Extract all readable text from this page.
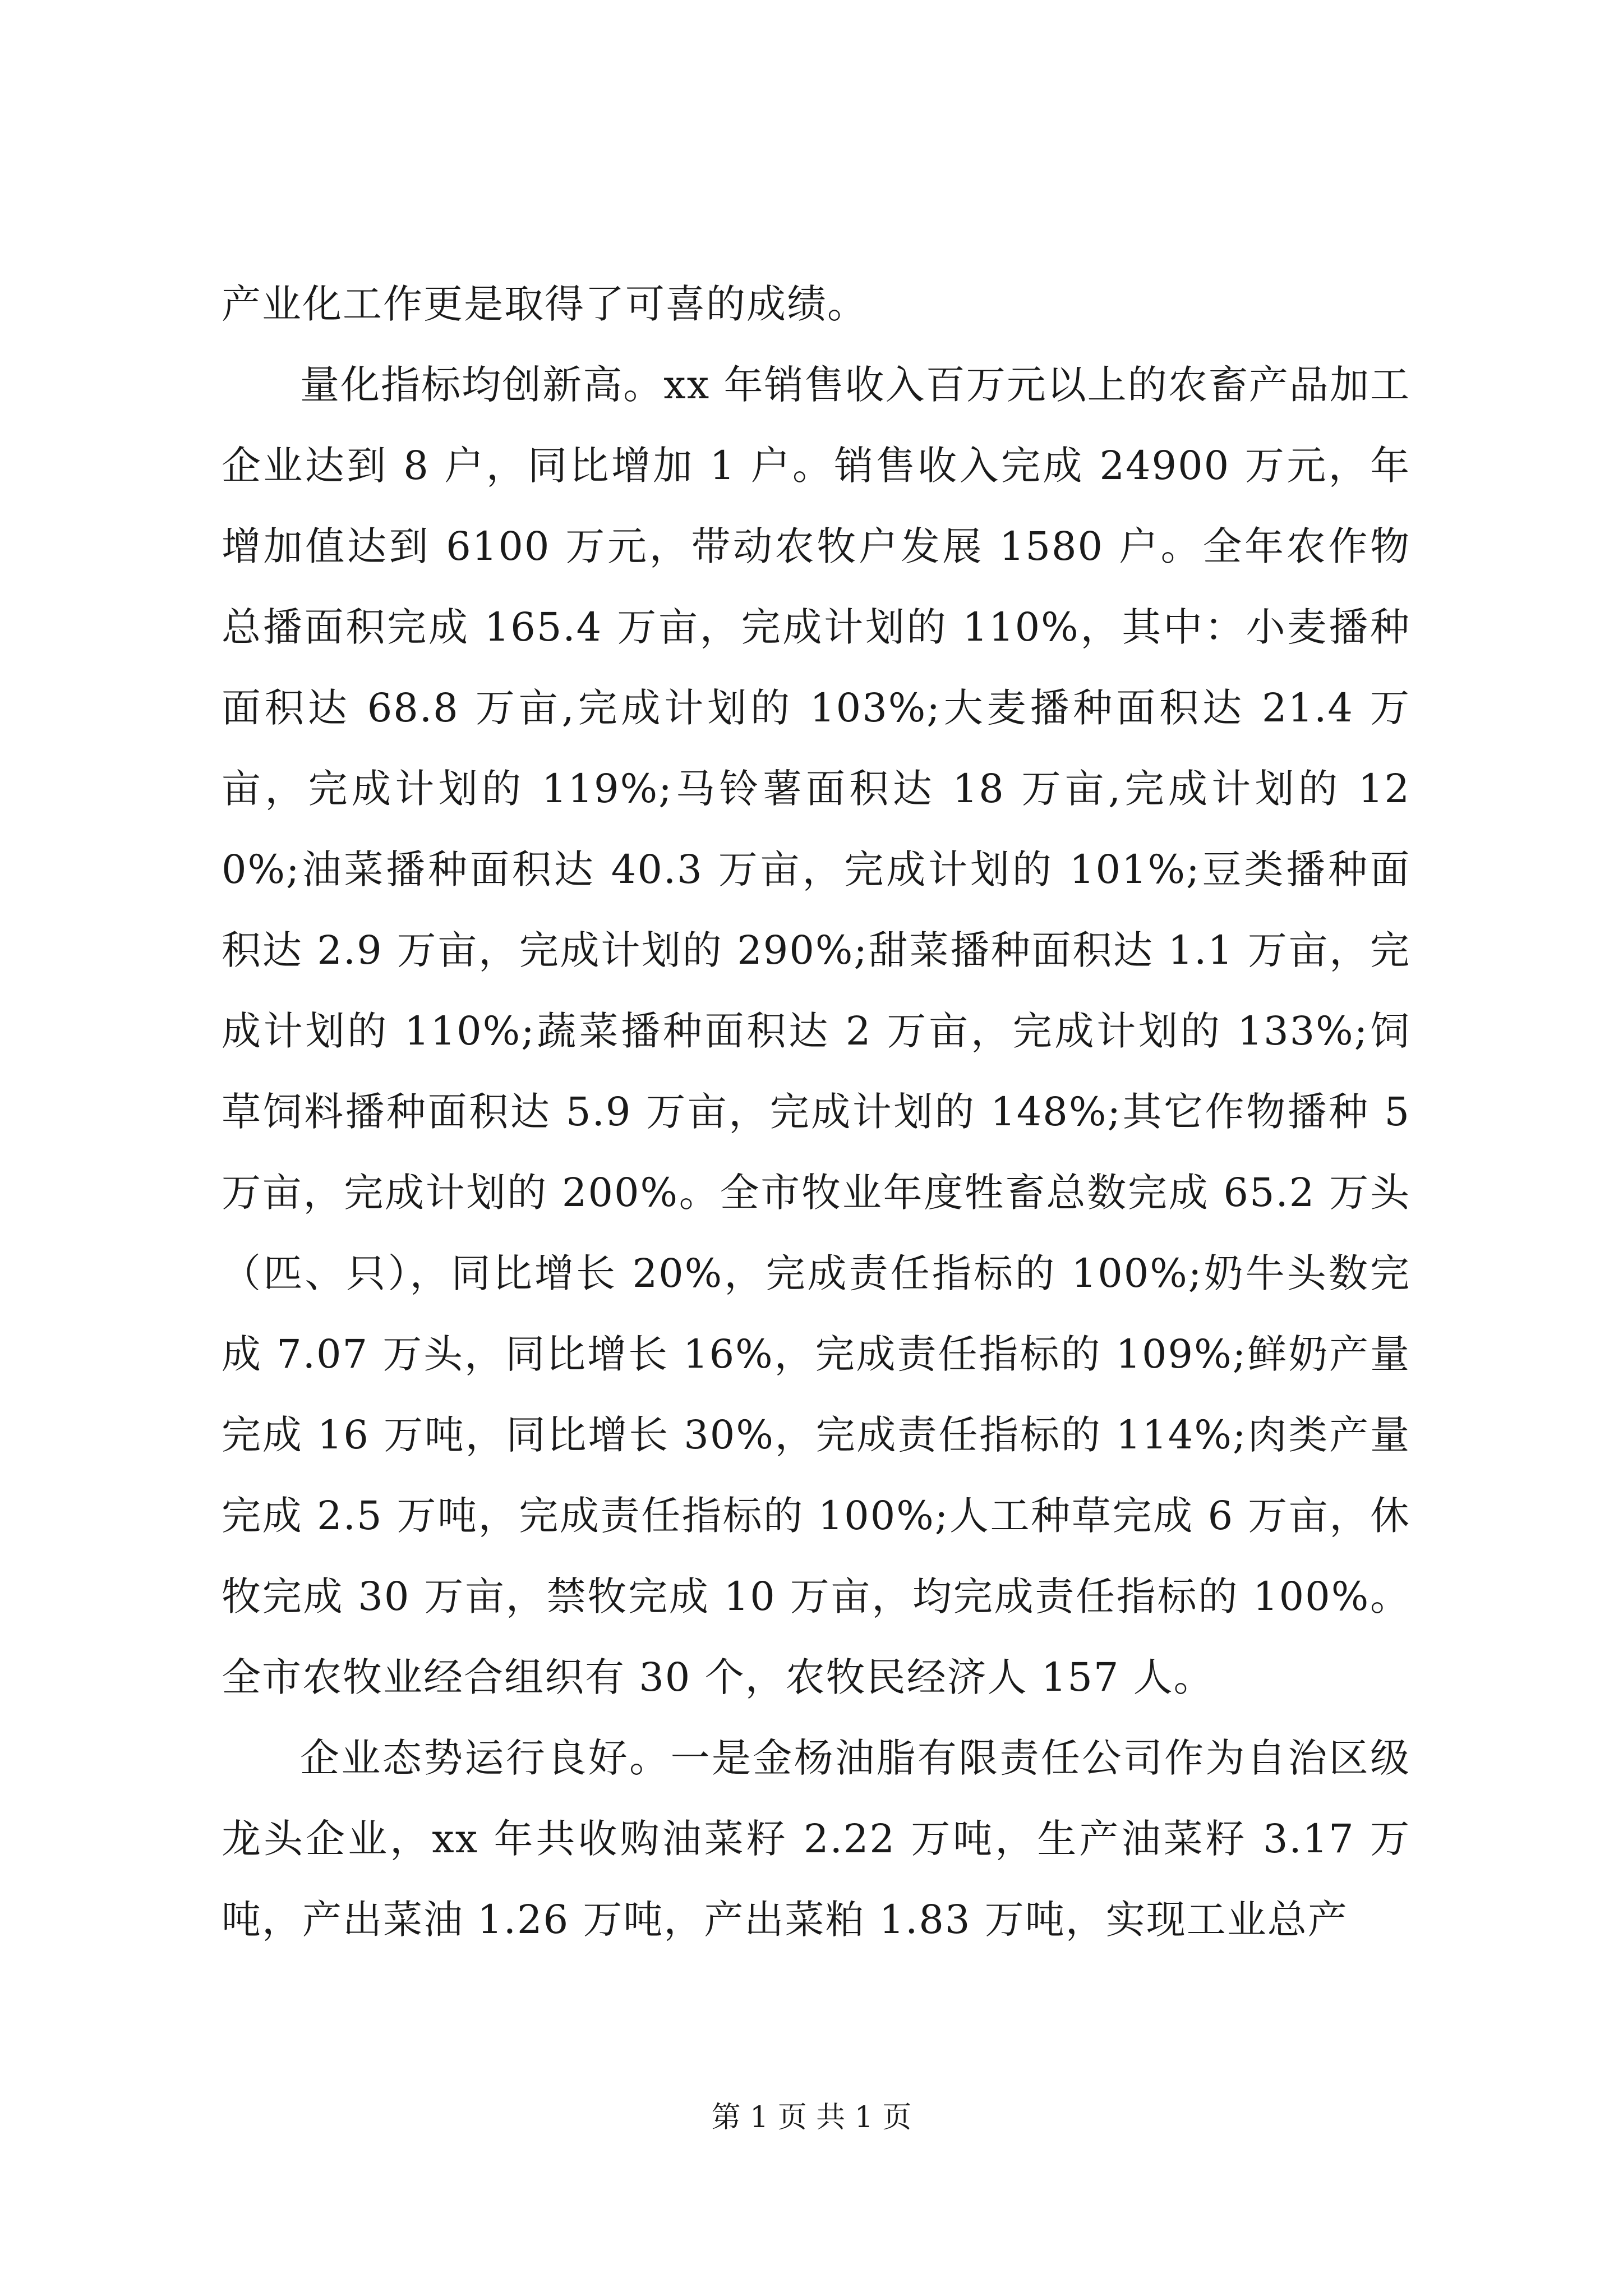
产业化工作更是取得了可喜的成绩。

量化指标均创新高。xx 年销售收入百万元以上的农畜产品加工企业达到 8 户，同比增加 1 户。销售收入完成 24900 万元，年增加值达到 6100 万元，带动农牧户发展 1580 户。全年农作物总播面积完成 165.4 万亩，完成计划的 110%，其中：小麦播种面积达 68.8 万亩,完成计划的 103%;大麦播种面积达 21.4 万亩，完成计划的 119%;马铃薯面积达 18 万亩,完成计划的 120%;油菜播种面积达 40.3 万亩，完成计划的 101%;豆类播种面积达 2.9 万亩，完成计划的 290%;甜菜播种面积达 1.1 万亩，完成计划的 110%;蔬菜播种面积达 2 万亩，完成计划的 133%;饲草饲料播种面积达 5.9 万亩，完成计划的 148%;其它作物播种 5 万亩，完成计划的 200%。全市牧业年度牲畜总数完成 65.2 万头（匹、只），同比增长 20%，完成责任指标的 100%;奶牛头数完成 7.07 万头，同比增长 16%，完成责任指标的 109%;鲜奶产量完成 16 万吨，同比增长 30%，完成责任指标的 114%;肉类产量完成 2.5 万吨，完成责任指标的 100%;人工种草完成 6 万亩，休牧完成 30 万亩，禁牧完成 10 万亩，均完成责任指标的 100%。全市农牧业经合组织有 30 个，农牧民经济人 157 人。

企业态势运行良好。一是金杨油脂有限责任公司作为自治区级龙头企业，xx 年共收购油菜籽 2.22 万吨，生产油菜籽 3.17 万吨，产出菜油 1.26 万吨，产出菜粕 1.83 万吨，实现工业总产

第 1 页 共 1 页
